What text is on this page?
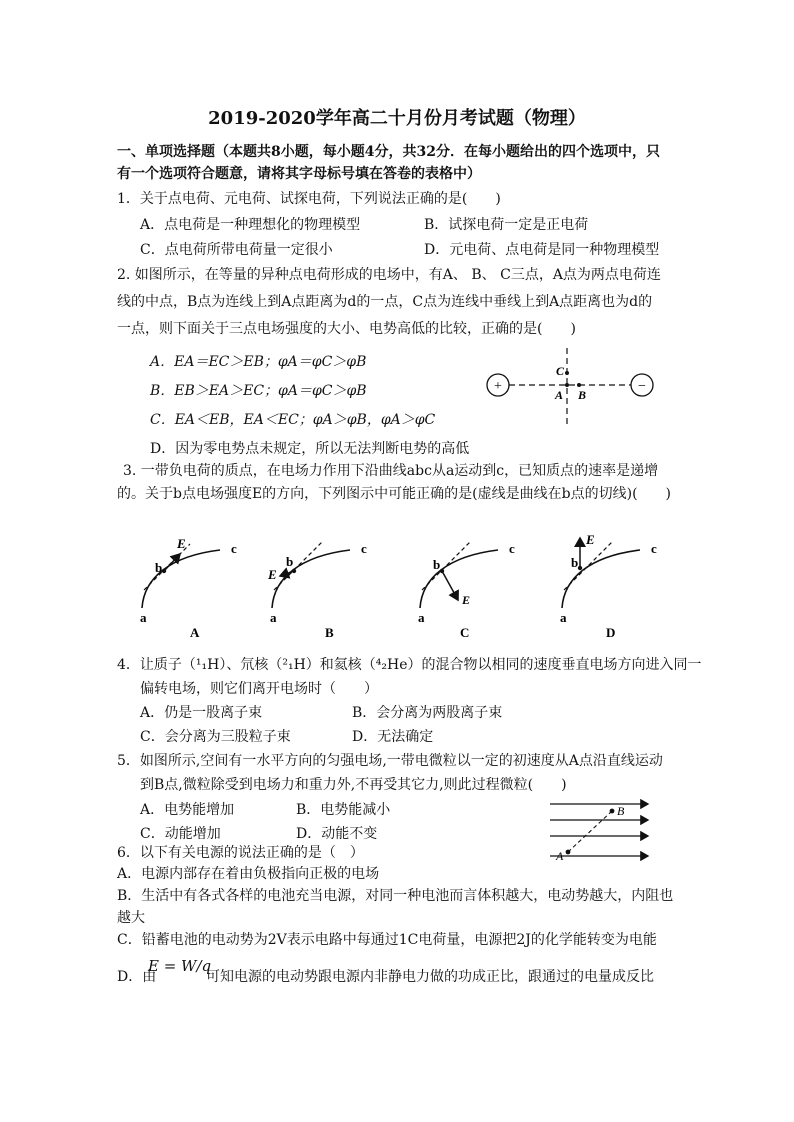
2019-2020学年高二十月份月考试题（物理）
一、单项选择题（本题共8小题，每小题4分，共32分．在每小题给出的四个选项中，只
有一个选项符合题意，请将其字母标号填在答卷的表格中）
1．关于点电荷、元电荷、试探电荷，下列说法正确的是(　　)
A．点电荷是一种理想化的物理模型	B．试探电荷一定是正电荷
C．点电荷所带电荷量一定很小	D．元电荷、点电荷是同一种物理模型
2. 如图所示，在等量的异种点电荷形成的电场中，有A、 B、 C三点，A点为两点电荷连
线的中点，B点为连线上到A点距离为d的一点，C点为连线中垂线上到A点距离也为d的
一点，则下面关于三点电场强度的大小、电势高低的比较，正确的是(　　)
A．EA＝EC＞EB；φA＝φC＞φB
B．EB＞EA＞EC；φA＝φC＞φB
C．EA＜EB，EA＜EC；φA＞φB，φA＞φC
D．因为零电势点未规定，所以无法判断电势的高低
+	−
A B
C
3. 一带负电荷的质点，在电场力作用下沿曲线abc从a运动到c，已知质点的速率是递增
的。关于b点电场强度E的方向，下列图示中可能正确的是(虚线是曲线在b点的切线)(　　)
E
b
c
a
A
E
b
c
a
B
E
b
c
a
C
E
b
c
a
D
4．让质子（¹₁H）、氘核（²₁H）和氦核（⁴₂He）的混合物以相同的速度垂直电场方向进入同一
偏转电场，则它们离开电场时（　　）
A．仍是一股离子束	B．会分离为两股离子束
C．会分离为三股粒子束	D．无法确定
5．如图所示,空间有一水平方向的匀强电场,一带电微粒以一定的初速度从A点沿直线运动
到B点,微粒除受到电场力和重力外,不再受其它力,则此过程微粒(　　)
A．电势能增加	B．电势能减小
C．动能增加	D．动能不变
A
B
6．以下有关电源的说法正确的是（　）
A．电源内部存在着由负极指向正极的电场
B．生活中有各式各样的电池充当电源，对同一种电池而言体积越大，电动势越大，内阻也
越大
C．铅蓄电池的电动势为2V表示电路中每通过1C电荷量，电源把2J的化学能转变为电能
D．由
E = W/q
可知电源的电动势跟电源内非静电力做的功成正比，跟通过的电量成反比
